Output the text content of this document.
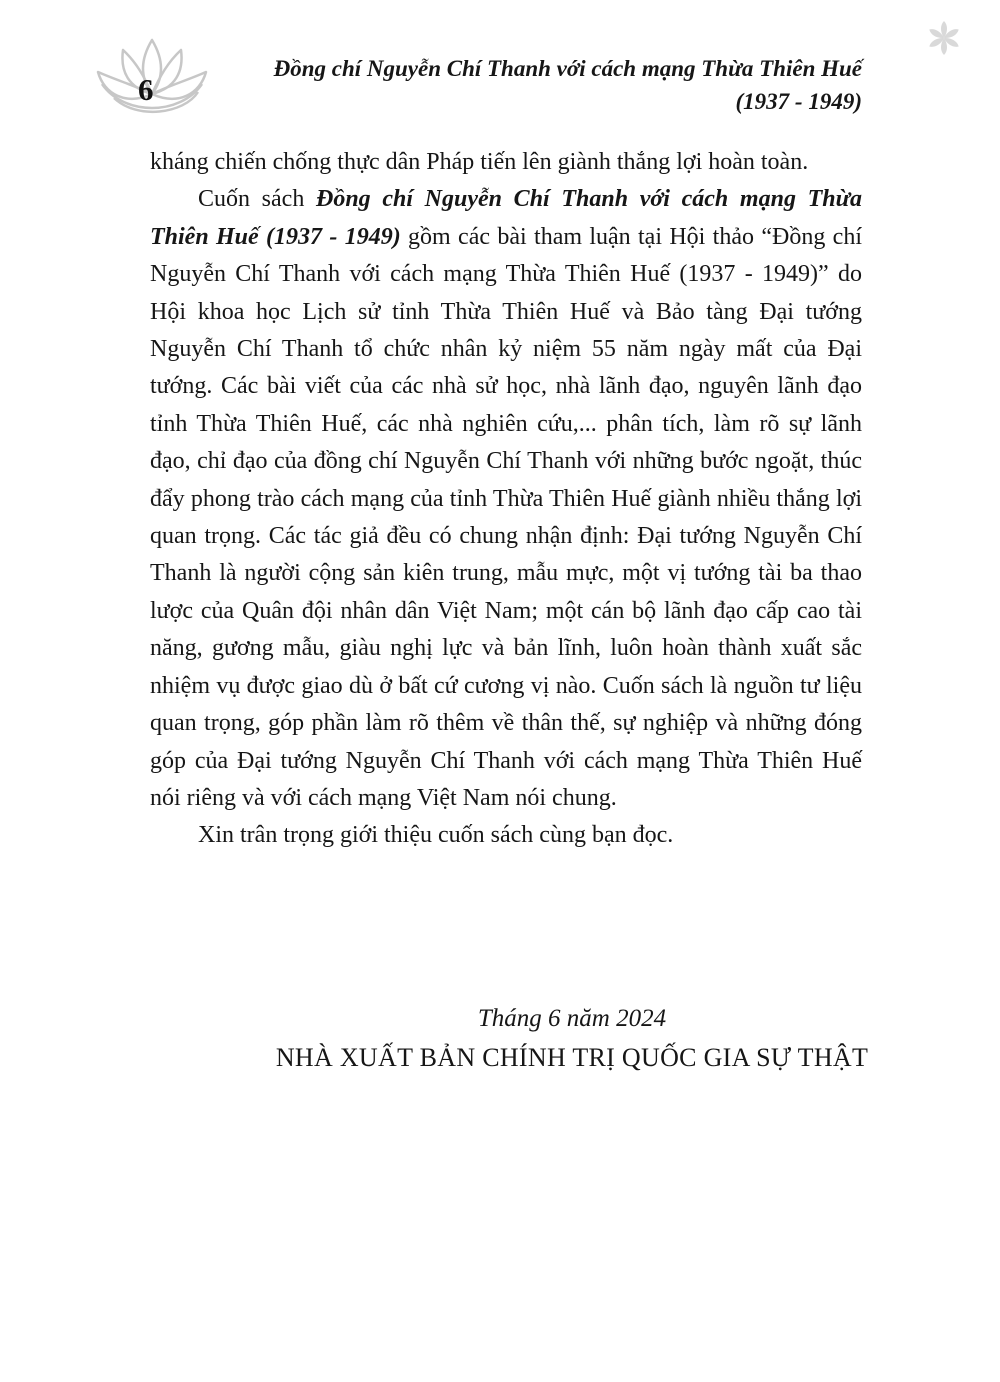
6
Đồng chí Nguyễn Chí Thanh với cách mạng Thừa Thiên Huế
(1937 - 1949)

kháng chiến chống thực dân Pháp tiến lên giành thắng lợi hoàn toàn.

Cuốn sách Đồng chí Nguyễn Chí Thanh với cách mạng Thừa Thiên Huế (1937 - 1949) gồm các bài tham luận tại Hội thảo “Đồng chí Nguyễn Chí Thanh với cách mạng Thừa Thiên Huế (1937 - 1949)” do Hội khoa học Lịch sử tỉnh Thừa Thiên Huế và Bảo tàng Đại tướng Nguyễn Chí Thanh tổ chức nhân kỷ niệm 55 năm ngày mất của Đại tướng. Các bài viết của các nhà sử học, nhà lãnh đạo, nguyên lãnh đạo tỉnh Thừa Thiên Huế, các nhà nghiên cứu,... phân tích, làm rõ sự lãnh đạo, chỉ đạo của đồng chí Nguyễn Chí Thanh với những bước ngoặt, thúc đẩy phong trào cách mạng của tỉnh Thừa Thiên Huế giành nhiều thắng lợi quan trọng. Các tác giả đều có chung nhận định: Đại tướng Nguyễn Chí Thanh là người cộng sản kiên trung, mẫu mực, một vị tướng tài ba thao lược của Quân đội nhân dân Việt Nam; một cán bộ lãnh đạo cấp cao tài năng, gương mẫu, giàu nghị lực và bản lĩnh, luôn hoàn thành xuất sắc nhiệm vụ được giao dù ở bất cứ cương vị nào. Cuốn sách là nguồn tư liệu quan trọng, góp phần làm rõ thêm về thân thế, sự nghiệp và những đóng góp của Đại tướng Nguyễn Chí Thanh với cách mạng Thừa Thiên Huế nói riêng và với cách mạng Việt Nam nói chung.

Xin trân trọng giới thiệu cuốn sách cùng bạn đọc.

Tháng 6 năm 2024
NHÀ XUẤT BẢN CHÍNH TRỊ QUỐC GIA SỰ THẬT
